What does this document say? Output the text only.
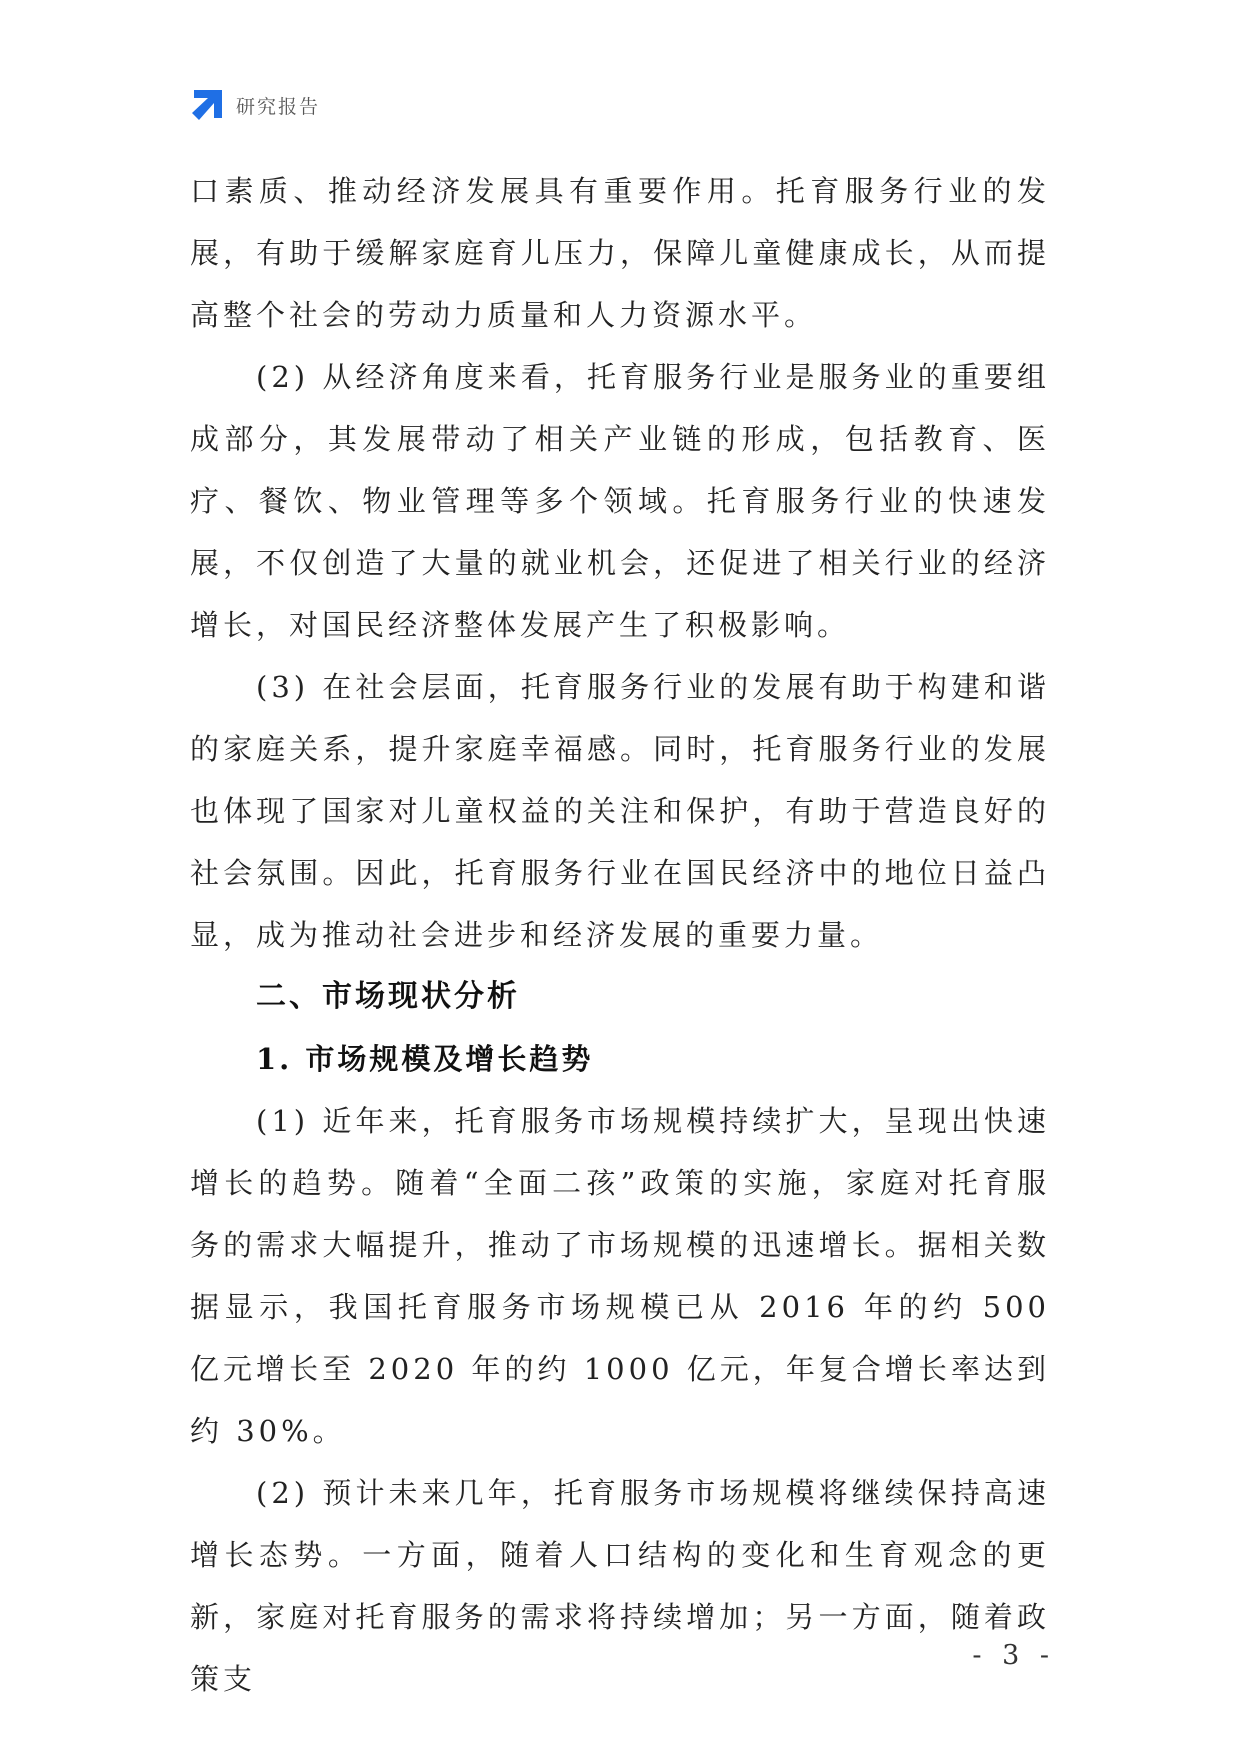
研究报告

口素质、推动经济发展具有重要作用。托育服务行业的发展，有助于缓解家庭育儿压力，保障儿童健康成长，从而提高整个社会的劳动力质量和人力资源水平。

(2) 从经济角度来看，托育服务行业是服务业的重要组成部分，其发展带动了相关产业链的形成，包括教育、医疗、餐饮、物业管理等多个领域。托育服务行业的快速发展，不仅创造了大量的就业机会，还促进了相关行业的经济增长，对国民经济整体发展产生了积极影响。

(3) 在社会层面，托育服务行业的发展有助于构建和谐的家庭关系，提升家庭幸福感。同时，托育服务行业的发展也体现了国家对儿童权益的关注和保护，有助于营造良好的社会氛围。因此，托育服务行业在国民经济中的地位日益凸显，成为推动社会进步和经济发展的重要力量。

二、市场现状分析
1. 市场规模及增长趋势

(1) 近年来，托育服务市场规模持续扩大，呈现出快速增长的趋势。随着“全面二孩”政策的实施，家庭对托育服务的需求大幅提升，推动了市场规模的迅速增长。据相关数据显示，我国托育服务市场规模已从 2016 年的约 500 亿元增长至 2020 年的约 1000 亿元，年复合增长率达到约 30%。

(2) 预计未来几年，托育服务市场规模将继续保持高速增长态势。一方面，随着人口结构的变化和生育观念的更新，家庭对托育服务的需求将持续增加；另一方面，随着政策支

- 3 -
